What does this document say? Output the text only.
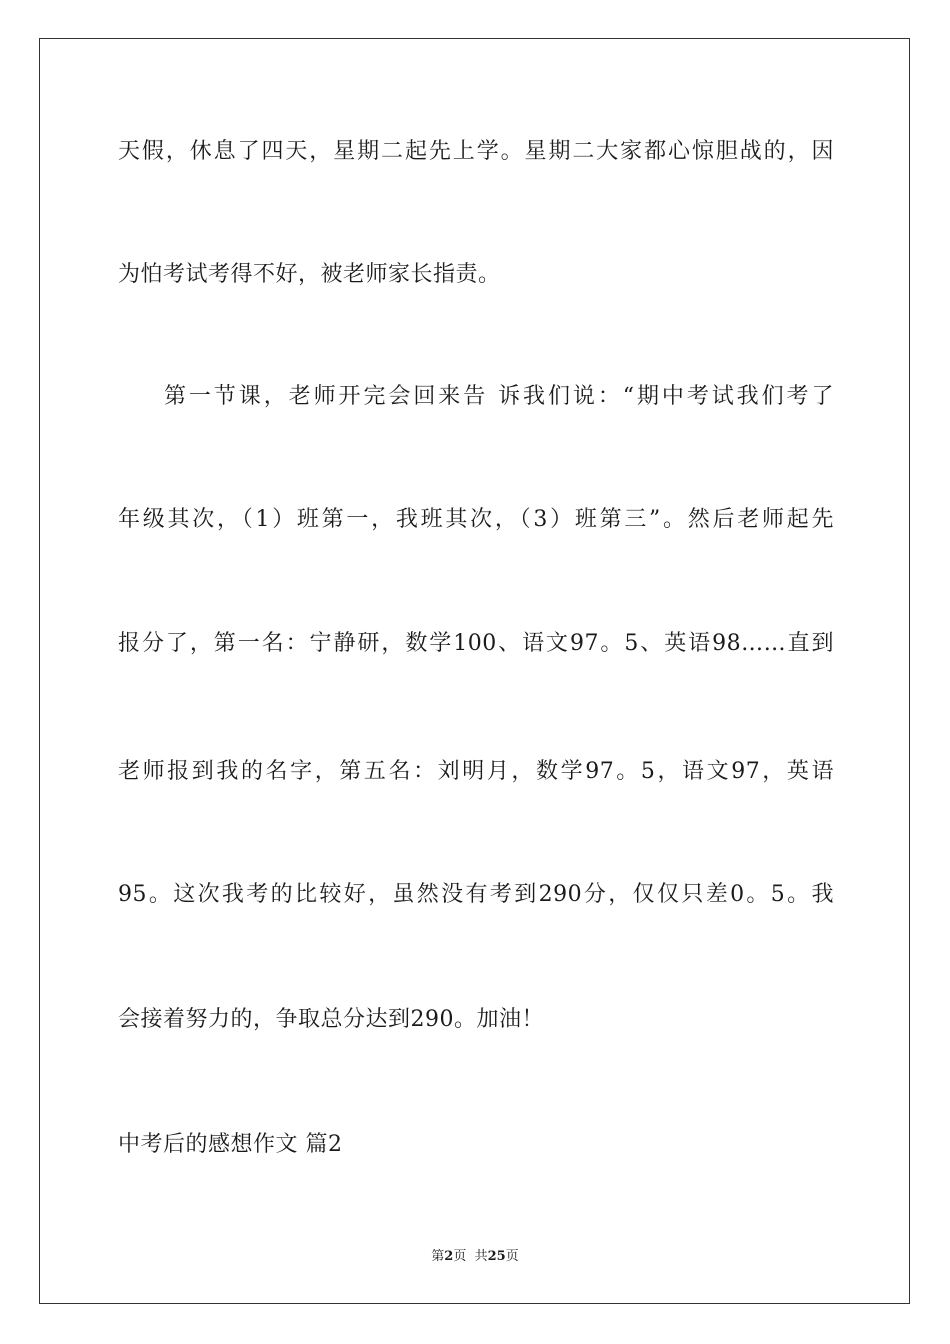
天假，休息了四天，星期二起先上学。星期二大家都心惊胆战的，因
为怕考试考得不好，被老师家长指责。
第一节课，老师开完会回来告 诉我们说：“期中考试我们考了
年级其次，（1）班第一，我班其次，（3）班第三”。然后老师起先
报分了，第一名：宁静研，数学100、语文97。5、英语98……直到
老师报到我的名字，第五名：刘明月，数学97。5，语文97，英语
95。这次我考的比较好，虽然没有考到290分，仅仅只差0。5。我
会接着努力的，争取总分达到290。加油！
中考后的感想作文 篇2
第2页  共25页
